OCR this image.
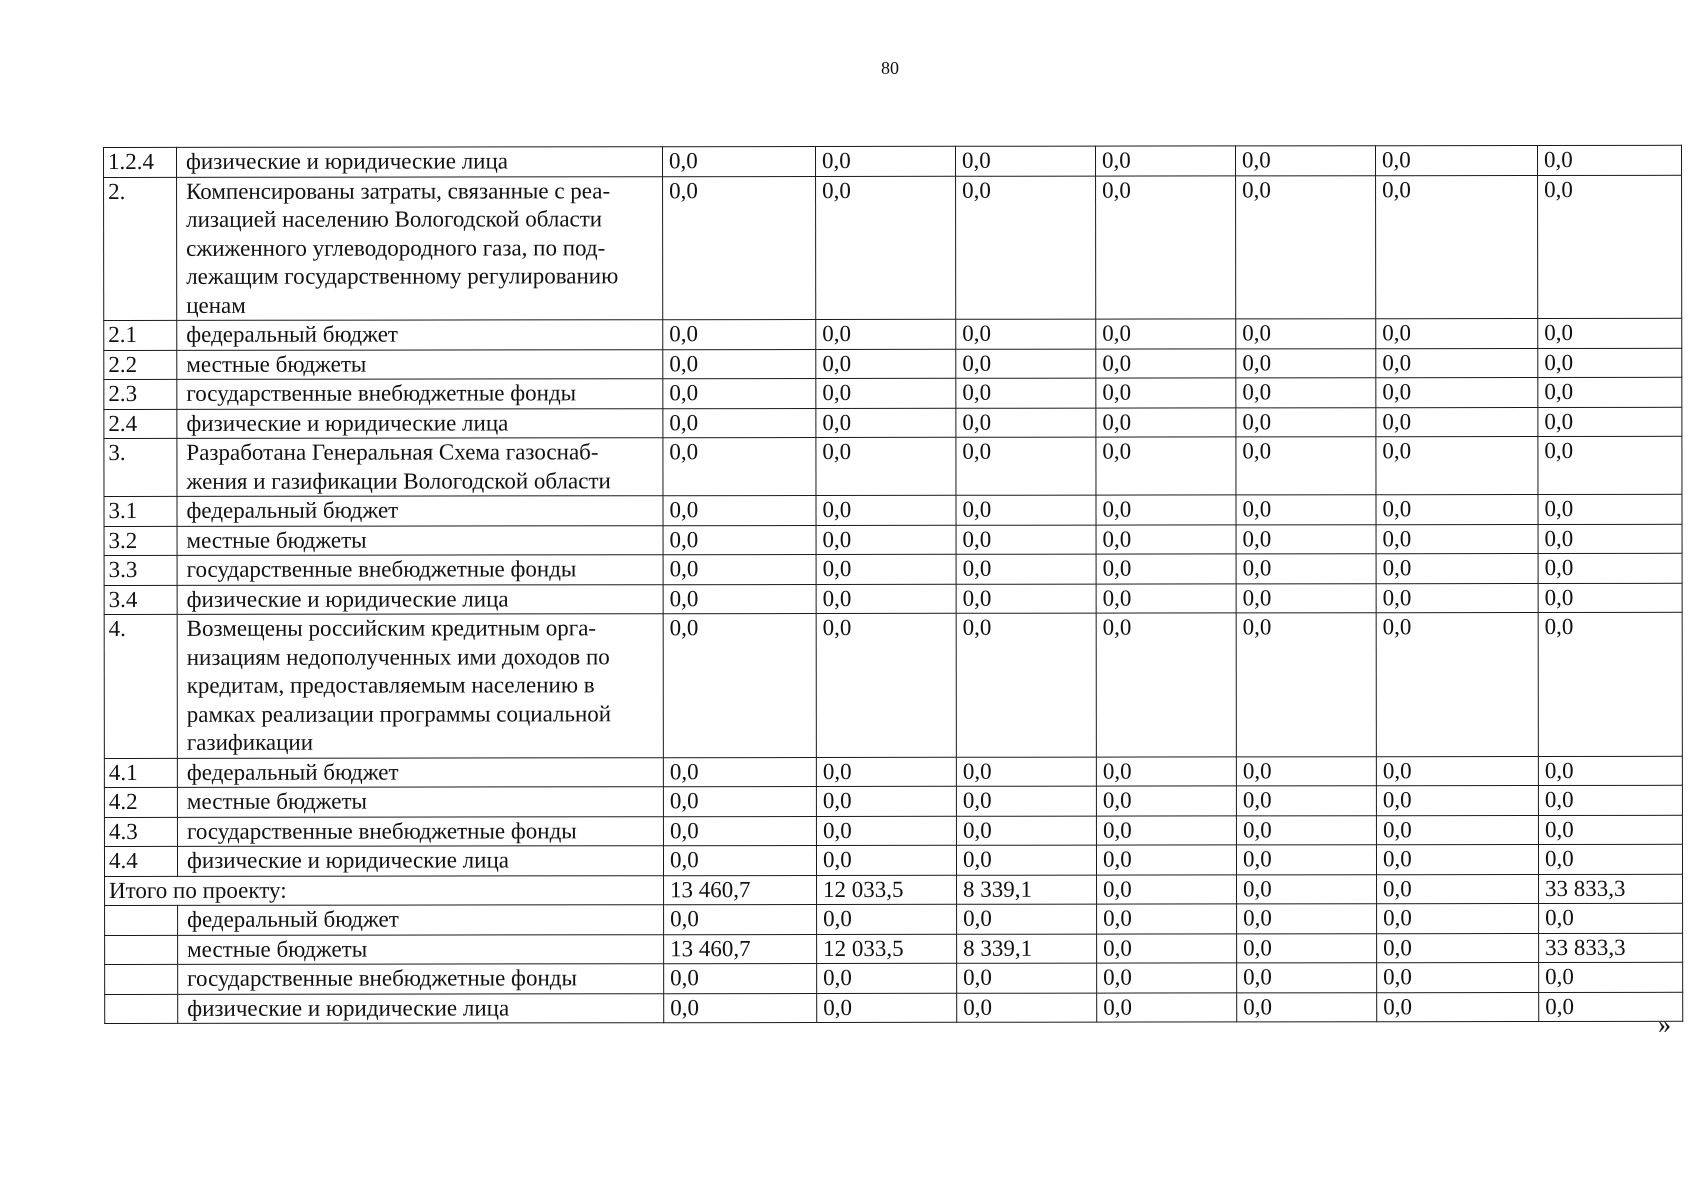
80
1.2.4	физические и юридические лица	0,0	0,0	0,0	0,0	0,0	0,0	0,0
2.	Компенсированы затраты, связанные с реа-лизацией населению Вологодской области сжиженного углеводородного газа, по под-лежащим государственному регулированию ценам	0,0	0,0	0,0	0,0	0,0	0,0	0,0
2.1	федеральный бюджет	0,0	0,0	0,0	0,0	0,0	0,0	0,0
2.2	местные бюджеты	0,0	0,0	0,0	0,0	0,0	0,0	0,0
2.3	государственные внебюджетные фонды	0,0	0,0	0,0	0,0	0,0	0,0	0,0
2.4	физические и юридические лица	0,0	0,0	0,0	0,0	0,0	0,0	0,0
3.	Разработана Генеральная Схема газоснаб-жения и газификации Вологодской области	0,0	0,0	0,0	0,0	0,0	0,0	0,0
3.1	федеральный бюджет	0,0	0,0	0,0	0,0	0,0	0,0	0,0
3.2	местные бюджеты	0,0	0,0	0,0	0,0	0,0	0,0	0,0
3.3	государственные внебюджетные фонды	0,0	0,0	0,0	0,0	0,0	0,0	0,0
3.4	физические и юридические лица	0,0	0,0	0,0	0,0	0,0	0,0	0,0
4.	Возмещены российским кредитным орга-низациям недополученных ими доходов по кредитам, предоставляемым населению в рамках реализации программы социальной газификации	0,0	0,0	0,0	0,0	0,0	0,0	0,0
4.1	федеральный бюджет	0,0	0,0	0,0	0,0	0,0	0,0	0,0
4.2	местные бюджеты	0,0	0,0	0,0	0,0	0,0	0,0	0,0
4.3	государственные внебюджетные фонды	0,0	0,0	0,0	0,0	0,0	0,0	0,0
4.4	физические и юридические лица	0,0	0,0	0,0	0,0	0,0	0,0	0,0
Итого по проекту:		13 460,7	12 033,5	8 339,1	0,0	0,0	0,0	33 833,3
	федеральный бюджет	0,0	0,0	0,0	0,0	0,0	0,0	0,0
	местные бюджеты	13 460,7	12 033,5	8 339,1	0,0	0,0	0,0	33 833,3
	государственные внебюджетные фонды	0,0	0,0	0,0	0,0	0,0	0,0	0,0
	физические и юридические лица	0,0	0,0	0,0	0,0	0,0	0,0	0,0
»
